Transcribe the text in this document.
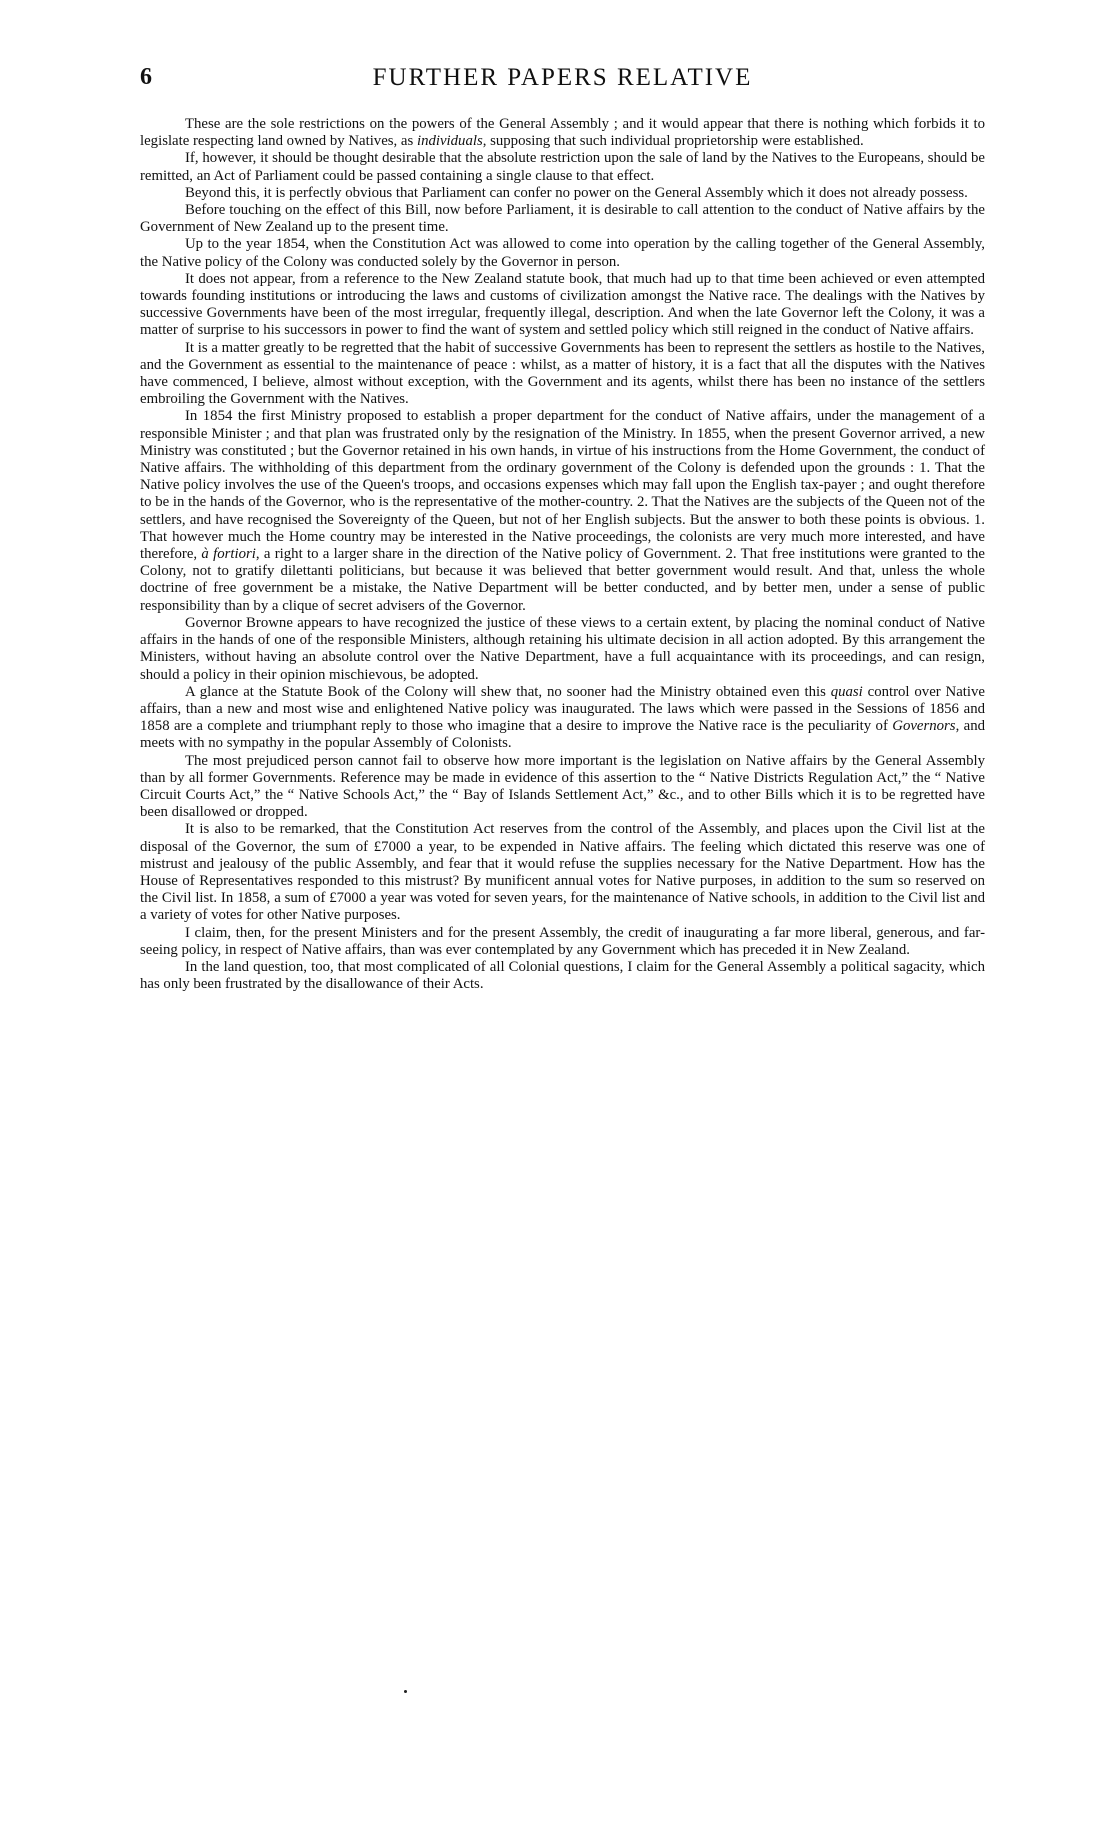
6	FURTHER PAPERS RELATIVE

These are the sole restrictions on the powers of the General Assembly ; and it would appear that there is nothing which forbids it to legislate respecting land owned by Natives, as individuals, supposing that such individual proprietorship were established.

If, however, it should be thought desirable that the absolute restriction upon the sale of land by the Natives to the Europeans, should be remitted, an Act of Parliament could be passed containing a single clause to that effect.

Beyond this, it is perfectly obvious that Parliament can confer no power on the General Assembly which it does not already possess.

Before touching on the effect of this Bill, now before Parliament, it is desirable to call attention to the conduct of Native affairs by the Government of New Zealand up to the present time.

Up to the year 1854, when the Constitution Act was allowed to come into operation by the calling together of the General Assembly, the Native policy of the Colony was conducted solely by the Governor in person.

It does not appear, from a reference to the New Zealand statute book, that much had up to that time been achieved or even attempted towards founding institutions or introducing the laws and customs of civilization amongst the Native race. The dealings with the Natives by successive Governments have been of the most irregular, frequently illegal, description. And when the late Governor left the Colony, it was a matter of surprise to his successors in power to find the want of system and settled policy which still reigned in the conduct of Native affairs.

It is a matter greatly to be regretted that the habit of successive Governments has been to represent the settlers as hostile to the Natives, and the Government as essential to the maintenance of peace : whilst, as a matter of history, it is a fact that all the disputes with the Natives have commenced, I believe, almost without exception, with the Government and its agents, whilst there has been no instance of the settlers embroiling the Government with the Natives.

In 1854 the first Ministry proposed to establish a proper department for the conduct of Native affairs, under the management of a responsible Minister ; and that plan was frustrated only by the resignation of the Ministry. In 1855, when the present Governor arrived, a new Ministry was constituted ; but the Governor retained in his own hands, in virtue of his instructions from the Home Government, the conduct of Native affairs. The withholding of this department from the ordinary government of the Colony is defended upon the grounds : 1. That the Native policy involves the use of the Queen's troops, and occasions expenses which may fall upon the English tax-payer ; and ought therefore to be in the hands of the Governor, who is the representative of the mother-country. 2. That the Natives are the subjects of the Queen not of the settlers, and have recognised the Sovereignty of the Queen, but not of her English subjects. But the answer to both these points is obvious. 1. That however much the Home country may be interested in the Native proceedings, the colonists are very much more interested, and have therefore, à fortiori, a right to a larger share in the direction of the Native policy of Government. 2. That free institutions were granted to the Colony, not to gratify dilettanti politicians, but because it was believed that better government would result. And that, unless the whole doctrine of free government be a mistake, the Native Department will be better conducted, and by better men, under a sense of public responsibility than by a clique of secret advisers of the Governor.

Governor Browne appears to have recognized the justice of these views to a certain extent, by placing the nominal conduct of Native affairs in the hands of one of the responsible Ministers, although retaining his ultimate decision in all action adopted. By this arrangement the Ministers, without having an absolute control over the Native Department, have a full acquaintance with its proceedings, and can resign, should a policy in their opinion mischievous, be adopted.

A glance at the Statute Book of the Colony will shew that, no sooner had the Ministry obtained even this quasi control over Native affairs, than a new and most wise and enlightened Native policy was inaugurated. The laws which were passed in the Sessions of 1856 and 1858 are a complete and triumphant reply to those who imagine that a desire to improve the Native race is the peculiarity of Governors, and meets with no sympathy in the popular Assembly of Colonists.

The most prejudiced person cannot fail to observe how more important is the legislation on Native affairs by the General Assembly than by all former Governments. Reference may be made in evidence of this assertion to the “ Native Districts Regulation Act,” the “ Native Circuit Courts Act,” the “ Native Schools Act,” the “ Bay of Islands Settlement Act,” &c., and to other Bills which it is to be regretted have been disallowed or dropped.

It is also to be remarked, that the Constitution Act reserves from the control of the Assembly, and places upon the Civil list at the disposal of the Governor, the sum of £7000 a year, to be expended in Native affairs. The feeling which dictated this reserve was one of mistrust and jealousy of the public Assembly, and fear that it would refuse the supplies necessary for the Native Department. How has the House of Representatives responded to this mistrust? By munificent annual votes for Native purposes, in addition to the sum so reserved on the Civil list. In 1858, a sum of £7000 a year was voted for seven years, for the maintenance of Native schools, in addition to the Civil list and a variety of votes for other Native purposes.

I claim, then, for the present Ministers and for the present Assembly, the credit of inaugurating a far more liberal, generous, and far-seeing policy, in respect of Native affairs, than was ever contemplated by any Government which has preceded it in New Zealand.

In the land question, too, that most complicated of all Colonial questions, I claim for the General Assembly a political sagacity, which has only been frustrated by the disallowance of their Acts.
